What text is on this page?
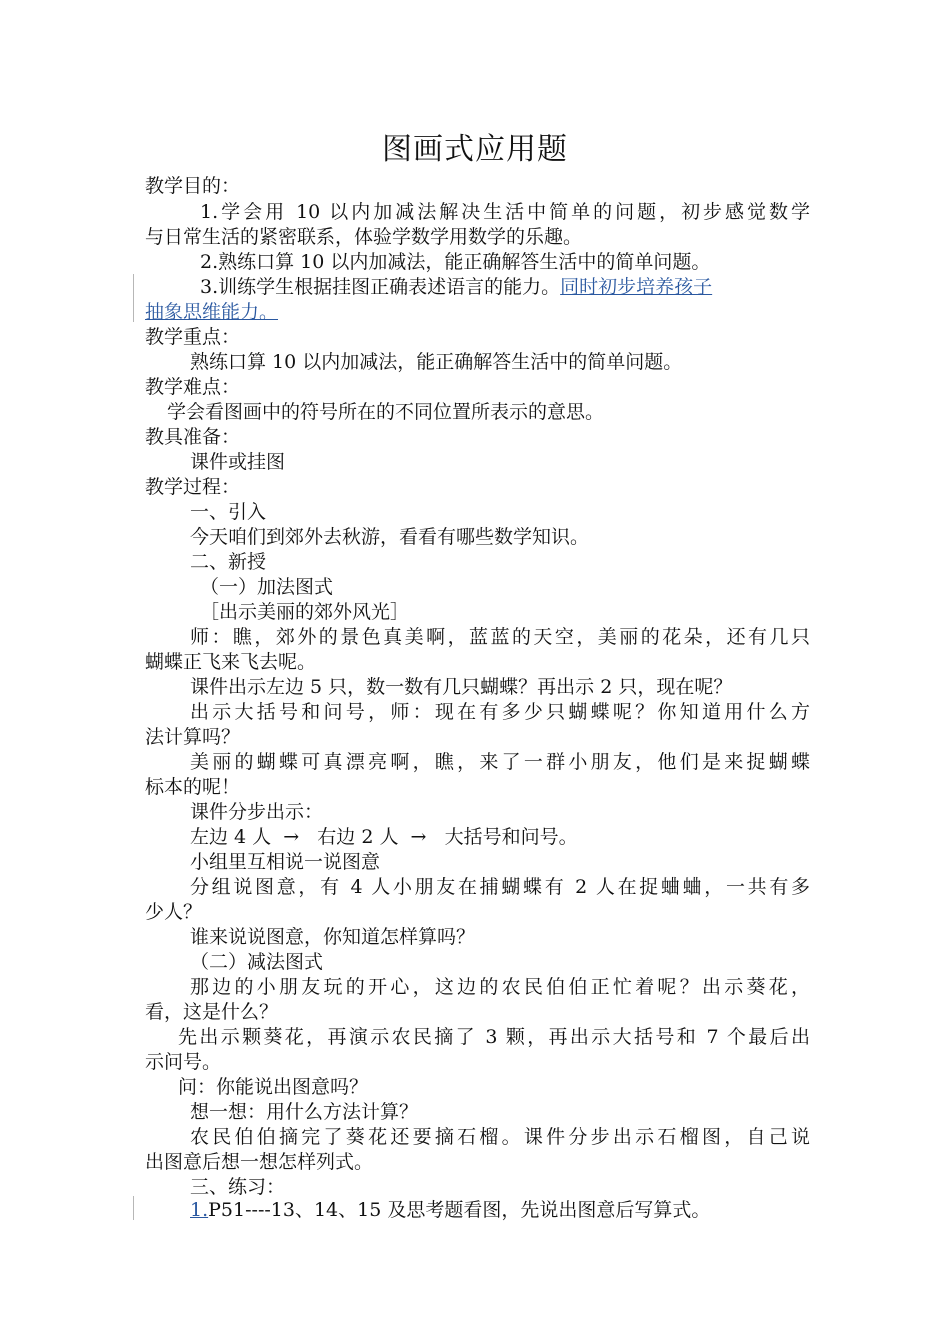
图画式应用题
教学目的：
1.学会用 10 以内加减法解决生活中简单的问题，初步感觉数学
与日常生活的紧密联系，体验学数学用数学的乐趣。
2.熟练口算 10 以内加减法，能正确解答生活中的简单问题。
3.训练学生根据挂图正确表述语言的能力。同时初步培养孩子
抽象思维能力。
教学重点：
熟练口算 10 以内加减法，能正确解答生活中的简单问题。
教学难点：
学会看图画中的符号所在的不同位置所表示的意思。
教具准备：
课件或挂图
教学过程：
一、引入
今天咱们到郊外去秋游，看看有哪些数学知识。
二、新授
（一）加法图式
［出示美丽的郊外风光］
师：瞧，郊外的景色真美啊，蓝蓝的天空，美丽的花朵，还有几只
蝴蝶正飞来飞去呢。
课件出示左边 5 只，数一数有几只蝴蝶？再出示 2 只，现在呢？
出示大括号和问号，师：现在有多少只蝴蝶呢？你知道用什么方
法计算吗？
美丽的蝴蝶可真漂亮啊，瞧，来了一群小朋友，他们是来捉蝴蝶
标本的呢！
课件分步出示：
左边 4 人  →   右边 2 人  →   大括号和问号。
小组里互相说一说图意
分组说图意，有 4 人小朋友在捕蝴蝶有 2 人在捉蛐蛐，一共有多
少人？
谁来说说图意，你知道怎样算吗？
（二）减法图式
那边的小朋友玩的开心，这边的农民伯伯正忙着呢？出示葵花，
看，这是什么？
先出示颗葵花，再演示农民摘了 3 颗，再出示大括号和 7 个最后出
示问号。
问：你能说出图意吗？
想一想：用什么方法计算？
农民伯伯摘完了葵花还要摘石榴。课件分步出示石榴图，自己说
出图意后想一想怎样列式。
三、练习：
1.P51----13、14、15 及思考题看图，先说出图意后写算式。
